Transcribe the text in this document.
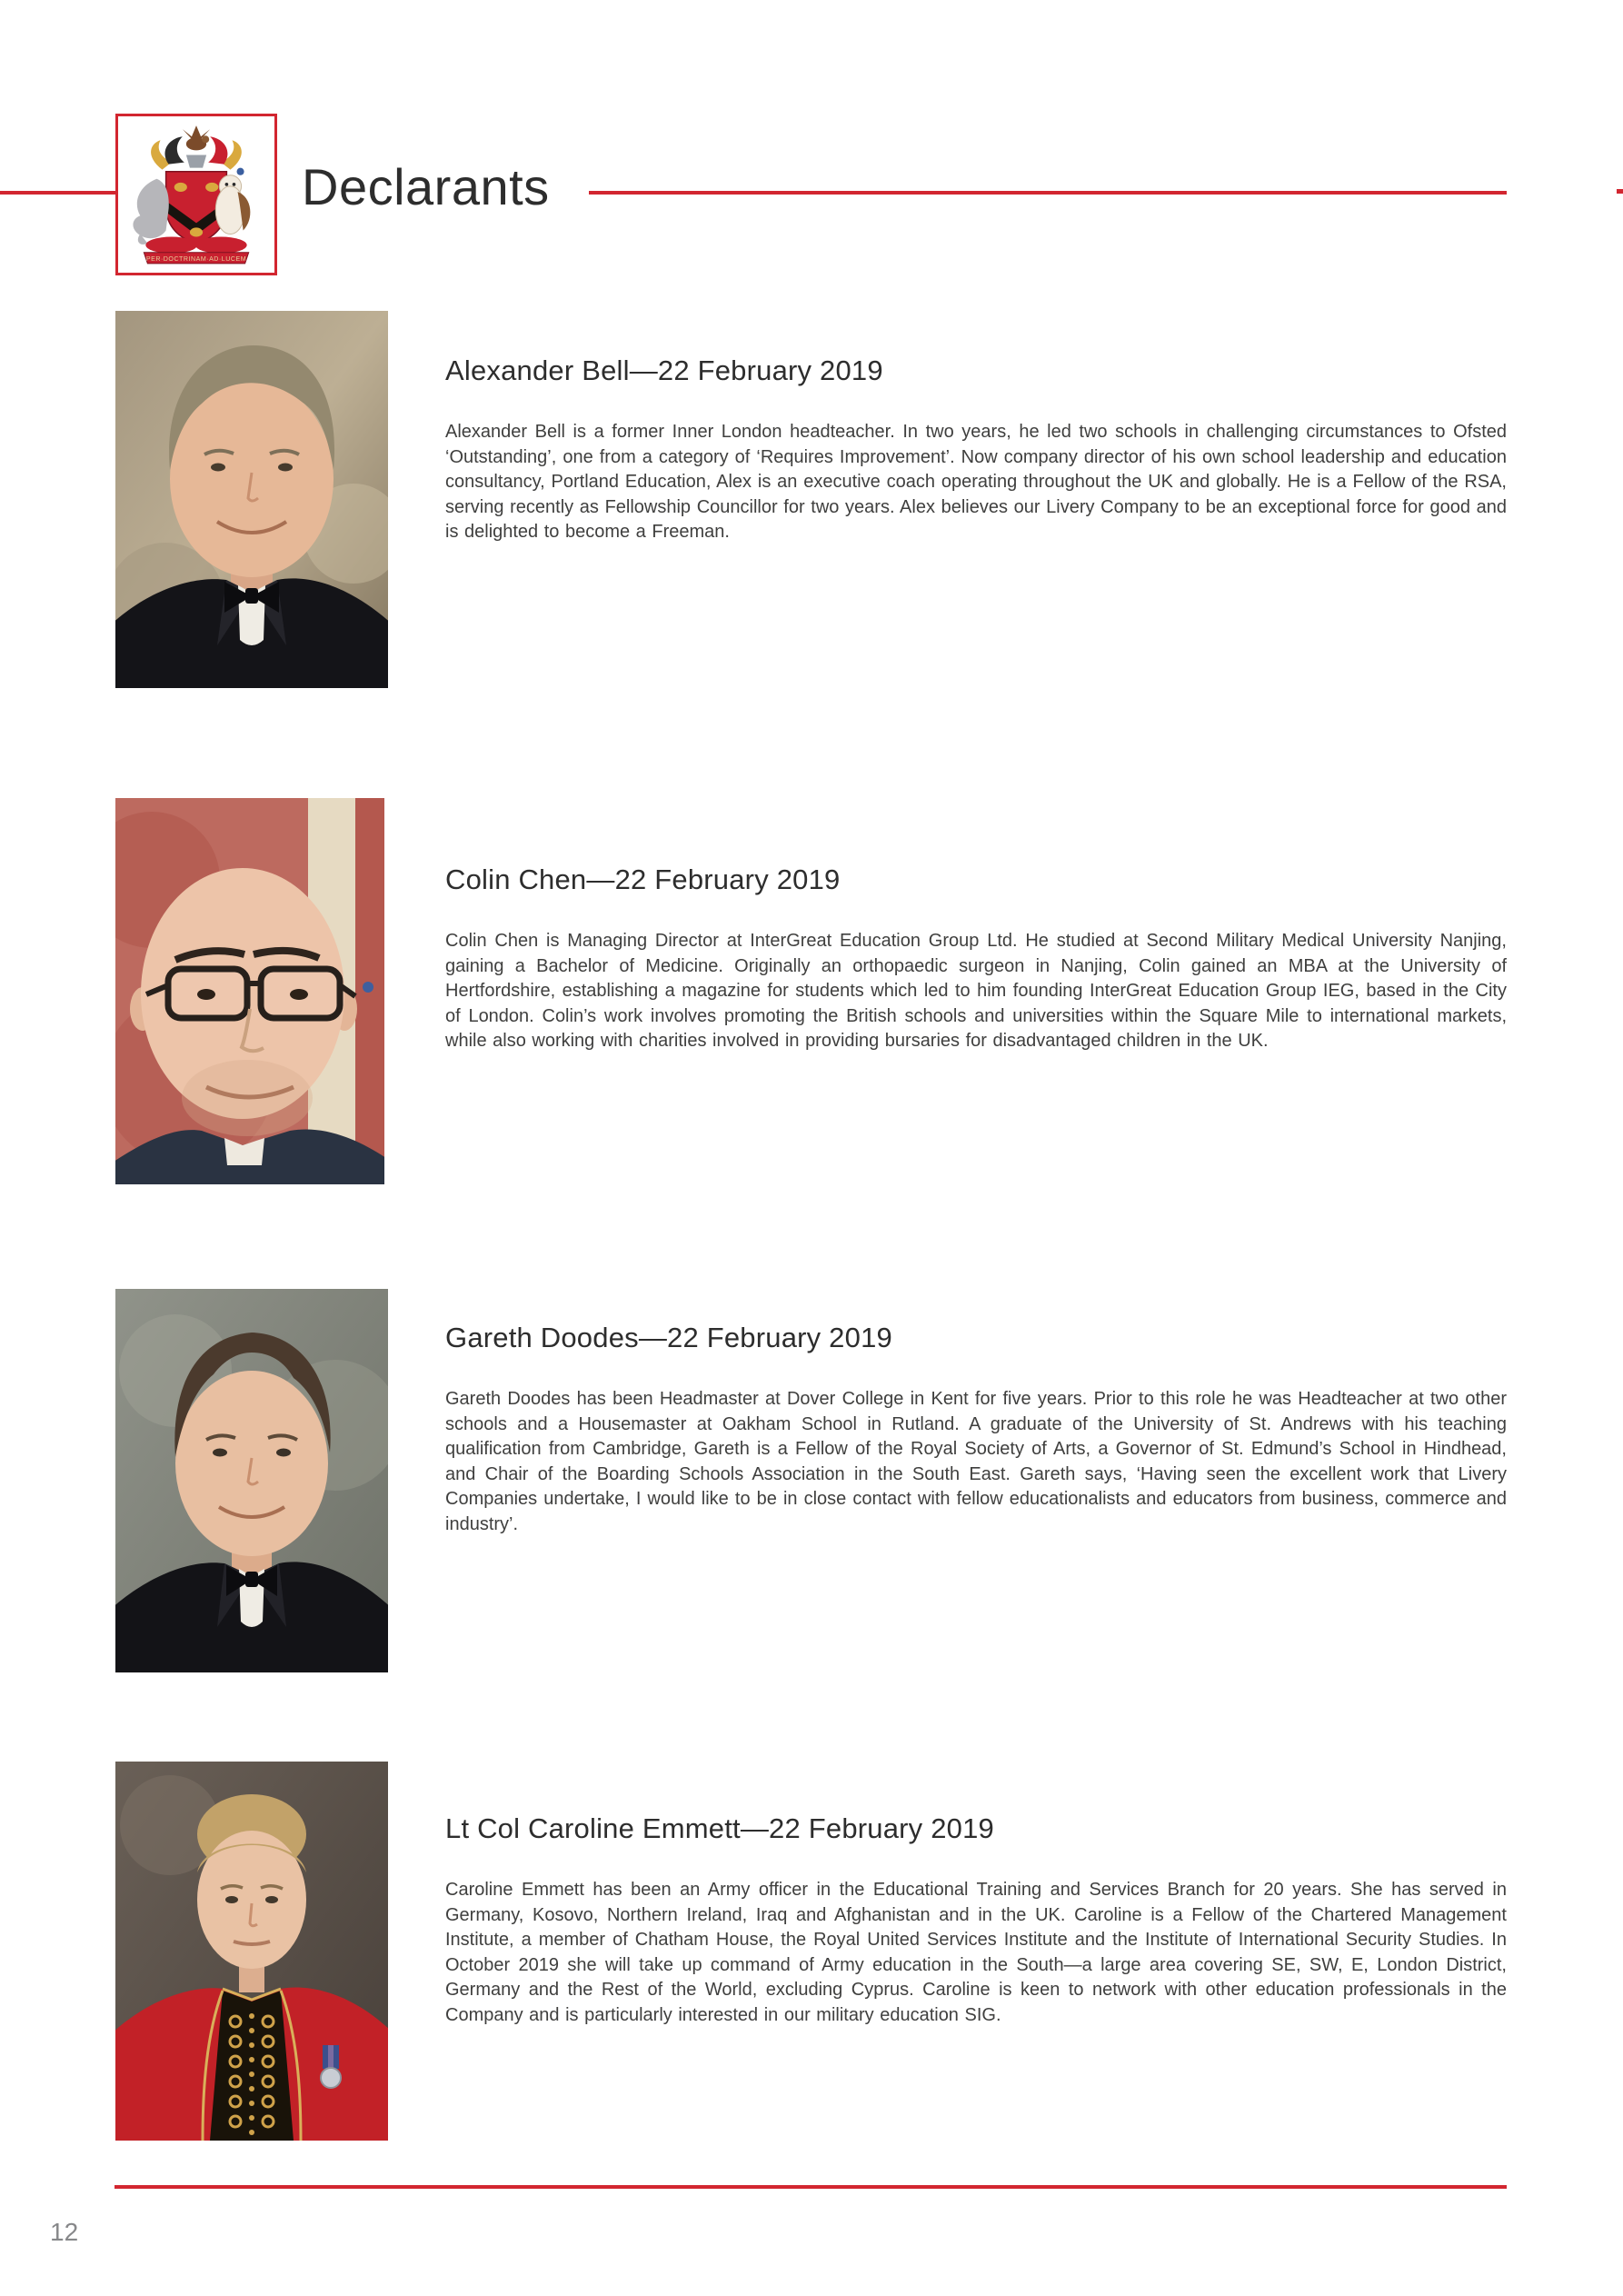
PER·DOCTRINAM·AD·LUCEM
Declarants
Alexander Bell—22 February 2019

Alexander Bell is a former Inner London headteacher. In two years, he led two schools in challenging circumstances to Ofsted ‘Outstanding’, one from a category of ‘Requires Improvement’. Now company director of his own school leadership and education consultancy, Portland Education, Alex is an executive coach operating throughout the UK and globally. He is a Fellow of the RSA, serving recently as Fellowship Councillor for two years. Alex believes our Livery Company to be an exceptional force for good and is delighted to become a Freeman.

Colin Chen—22 February 2019

Colin Chen is Managing Director at InterGreat Education Group Ltd. He studied at Second Military Medical University Nanjing, gaining a Bachelor of Medicine. Originally an orthopaedic surgeon in Nanjing, Colin gained an MBA at the University of Hertfordshire, establishing a magazine for students which led to him founding InterGreat Education Group IEG, based in the City of London. Colin’s work involves promoting the British schools and universities within the Square Mile to international markets, while also working with charities involved in providing bursaries for disadvantaged children in the UK.

Gareth Doodes—22 February 2019

Gareth Doodes has been Headmaster at Dover College in Kent for five years. Prior to this role he was Headteacher at two other schools and a Housemaster at Oakham School in Rutland. A graduate of the University of St. Andrews with his teaching qualification from Cambridge, Gareth is a Fellow of the Royal Society of Arts, a Governor of St. Edmund’s School in Hindhead, and Chair of the Boarding Schools Association in the South East. Gareth says, ‘Having seen the excellent work that Livery Companies undertake, I would like to be in close contact with fellow educationalists and educators from business, commerce and industry’.

Lt Col Caroline Emmett—22 February 2019

Caroline Emmett has been an Army officer in the Educational Training and Services Branch for 20 years. She has served in Germany, Kosovo, Northern Ireland, Iraq and Afghanistan and in the UK. Caroline is a Fellow of the Chartered Management Institute, a member of Chatham House, the Royal United Services Institute and the Institute of International Security Studies. In October 2019 she will take up command of Army education in the South—a large area covering SE, SW, E, London District, Germany and the Rest of the World, excluding Cyprus. Caroline is keen to network with other education professionals in the Company and is particularly interested in our military education SIG.

12
